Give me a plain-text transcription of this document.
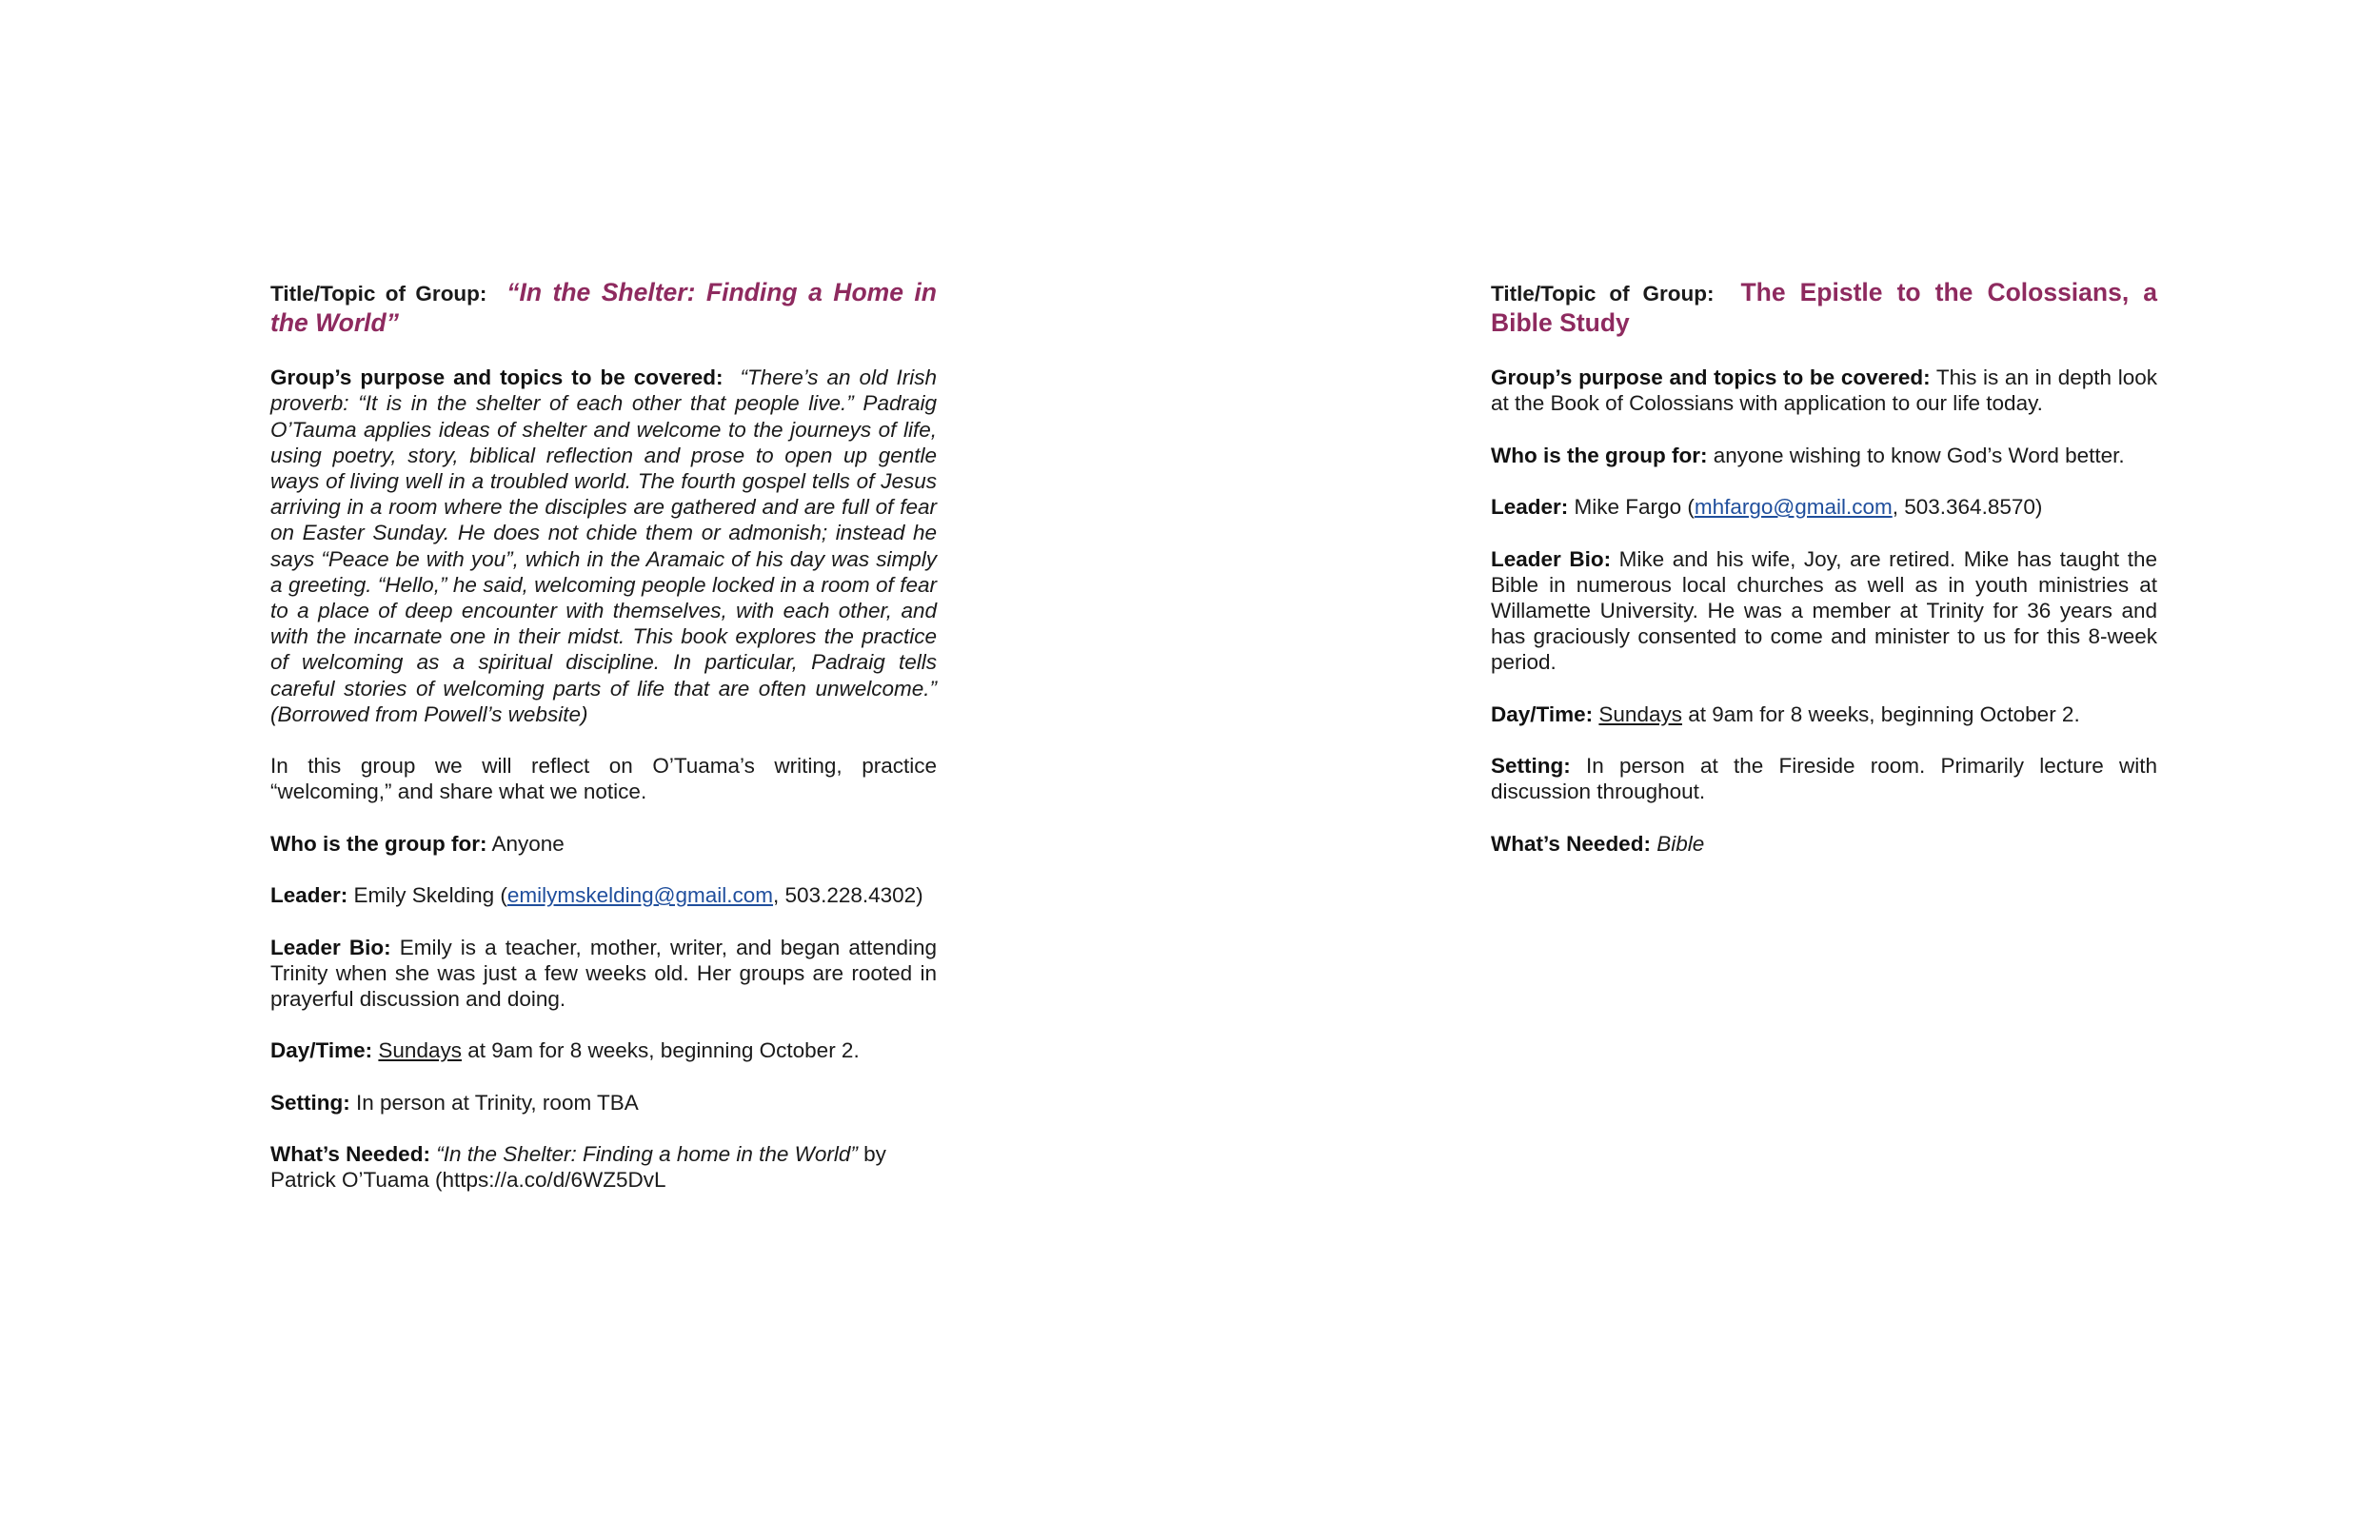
Title/Topic of Group: “In the Shelter: Finding a Home in the World”

Group’s purpose and topics to be covered: “There’s an old Irish proverb: “It is in the shelter of each other that people live.” Padraig O’Tauma applies ideas of shelter and welcome to the journeys of life, using poetry, story, biblical reflection and prose to open up gentle ways of living well in a troubled world. The fourth gospel tells of Jesus arriving in a room where the disciples are gathered and are full of fear on Easter Sunday. He does not chide them or admonish; instead he says “Peace be with you”, which in the Aramaic of his day was simply a greeting. “Hello,” he said, welcoming people locked in a room of fear to a place of deep encounter with themselves, with each other, and with the incarnate one in their midst. This book explores the practice of welcoming as a spiritual discipline. In particular, Padraig tells careful stories of welcoming parts of life that are often unwelcome.” (Borrowed from Powell’s website)

In this group we will reflect on O’Tuama’s writing, practice “welcoming,” and share what we notice.

Who is the group for: Anyone

Leader: Emily Skelding (emilymskelding@gmail.com, 503.228.4302)

Leader Bio: Emily is a teacher, mother, writer, and began attending Trinity when she was just a few weeks old. Her groups are rooted in prayerful discussion and doing.

Day/Time: Sundays at 9am for 8 weeks, beginning October 2.

Setting: In person at Trinity, room TBA

What’s Needed: “In the Shelter: Finding a home in the World” by Patrick O’Tuama (https://a.co/d/6WZ5DvL

Title/Topic of Group: The Epistle to the Colossians, a Bible Study

Group’s purpose and topics to be covered: This is an in depth look at the Book of Colossians with application to our life today.

Who is the group for: anyone wishing to know God’s Word better.

Leader: Mike Fargo (mhfargo@gmail.com, 503.364.8570)

Leader Bio: Mike and his wife, Joy, are retired. Mike has taught the Bible in numerous local churches as well as in youth ministries at Willamette University. He was a member at Trinity for 36 years and has graciously consented to come and minister to us for this 8-week period.

Day/Time: Sundays at 9am for 8 weeks, beginning October 2.

Setting: In person at the Fireside room. Primarily lecture with discussion throughout.

What’s Needed: Bible
